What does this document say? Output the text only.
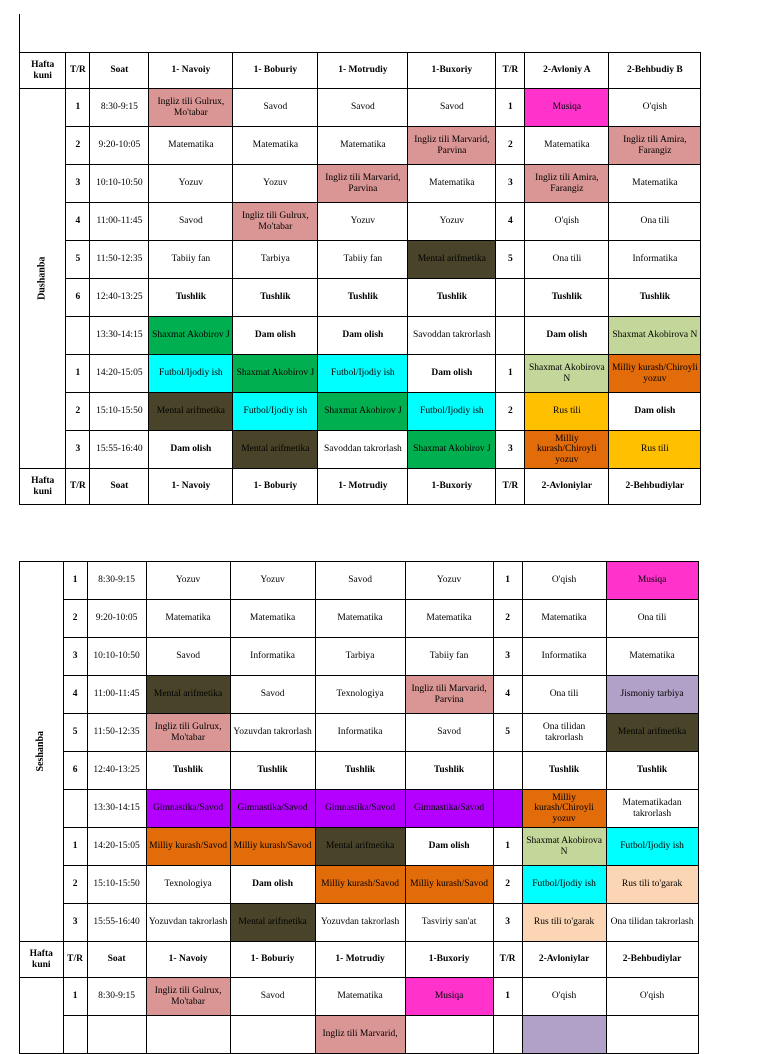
Hafta kuni	T/R	Soat	1- Navoiy	1- Boburiy	1- Motrudiy	1-Buxoriy	T/R	2-Avloniy A	2-Behbudiy B

Dushanba	1	8:30-9:15	Ingliz tili Gulrux, Mo'tabar	Savod	Savod	Savod	1	Musiqa	O'qish
	2	9:20-10:05	Matematika	Matematika	Matematika	Ingliz tili Marvarid, Parvina	2	Matematika	Ingliz tili Amira, Farangiz
	3	10:10-10:50	Yozuv	Yozuv	Ingliz tili Marvarid, Parvina	Matematika	3	Ingliz tili Amira, Farangiz	Matematika
	4	11:00-11:45	Savod	Ingliz tili Gulrux, Mo'tabar	Yozuv	Yozuv	4	O'qish	Ona tili
	5	11:50-12:35	Tabiiy fan	Tarbiya	Tabiiy fan	Mental arifmetika	5	Ona tili	Informatika
	6	12:40-13:25	Tushlik	Tushlik	Tushlik	Tushlik		Tushlik	Tushlik
		13:30-14:15	Shaxmat Akobirov J	Dam olish	Dam olish	Savoddan takrorlash		Dam olish	Shaxmat Akobirova N
	1	14:20-15:05	Futbol/Ijodiy ish	Shaxmat Akobirov J	Futbol/Ijodiy ish	Dam olish	1	Shaxmat Akobirova N	Milliy kurash/Chiroyli yozuv
	2	15:10-15:50	Mental arifmetika	Futbol/Ijodiy ish	Shaxmat Akobirov J	Futbol/Ijodiy ish	2	Rus tili	Dam olish
	3	15:55-16:40	Dam olish	Mental arifmetika	Savoddan takrorlash	Shaxmat Akobirov J	3	Milliy kurash/Chiroyli yozuv	Rus tili
Hafta kuni	T/R	Soat	1- Navoiy	1- Boburiy	1- Motrudiy	1-Buxoriy	T/R	2-Avloniylar	2-Behbudiylar
Seshanba	1	8:30-9:15	Yozuv	Yozuv	Savod	Yozuv	1	O'qish	Musiqa
	2	9:20-10:05	Matematika	Matematika	Matematika	Matematika	2	Matematika	Ona tili
	3	10:10-10:50	Savod	Informatika	Tarbiya	Tabiiy fan	3	Informatika	Matematika
	4	11:00-11:45	Mental arifmetika	Savod	Texnologiya	Ingliz tili Marvarid, Parvina	4	Ona tili	Jismoniy tarbiya
	5	11:50-12:35	Ingliz tili Gulrux, Mo'tabar	Yozuvdan takrorlash	Informatika	Savod	5	Ona tilidan takrorlash	Mental arifmetika
	6	12:40-13:25	Tushlik	Tushlik	Tushlik	Tushlik		Tushlik	Tushlik
		13:30-14:15	Gimnastika/Savod	Gimnastika/Savod	Gimnastika/Savod	Gimnastika/Savod		Milliy kurash/Chiroyli yozuv	Matematikadan takrorlash
	1	14:20-15:05	Milliy kurash/Savod	Milliy kurash/Savod	Mental arifmetika	Dam olish	1	Shaxmat Akobirova N	Futbol/Ijodiy ish
	2	15:10-15:50	Texnologiya	Dam olish	Milliy kurash/Savod	Milliy kurash/Savod	2	Futbol/Ijodiy ish	Rus tili to'garak
	3	15:55-16:40	Yozuvdan takrorlash	Mental arifmetika	Yozuvdan takrorlash	Tasviriy san'at	3	Rus tili to'garak	Ona tilidan takrorlash
Hafta kuni	T/R	Soat	1- Navoiy	1- Boburiy	1- Motrudiy	1-Buxoriy	T/R	2-Avloniylar	2-Behbudiylar
	1	8:30-9:15	Ingliz tili Gulrux, Mo'tabar	Savod	Matematika	Musiqa	1	O'qish	O'qish
					Ingliz tili Marvarid,				
